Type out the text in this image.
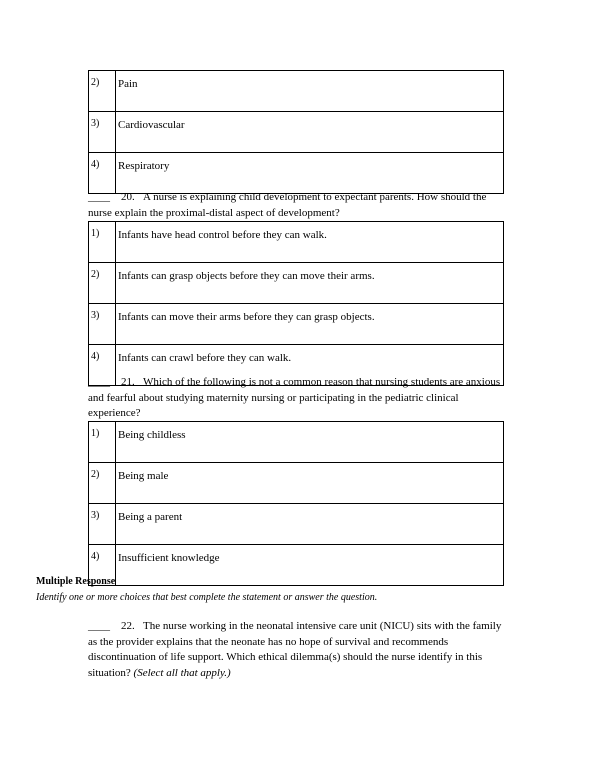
2)	Pain
3)	Cardiovascular
4)	Respiratory
____ 20. A nurse is explaining child development to expectant parents. How should the nurse explain the proximal-distal aspect of development?
1)	Infants have head control before they can walk.
2)	Infants can grasp objects before they can move their arms.
3)	Infants can move their arms before they can grasp objects.
4)	Infants can crawl before they can walk.
____ 21. Which of the following is not a common reason that nursing students are anxious and fearful about studying maternity nursing or participating in the pediatric clinical experience?
1)	Being childless
2)	Being male
3)	Being a parent
4)	Insufficient knowledge
Multiple Response
Identify one or more choices that best complete the statement or answer the question.
____ 22. The nurse working in the neonatal intensive care unit (NICU) sits with the family as the provider explains that the neonate has no hope of survival and recommends discontinuation of life support. Which ethical dilemma(s) should the nurse identify in this situation? (Select all that apply.)
